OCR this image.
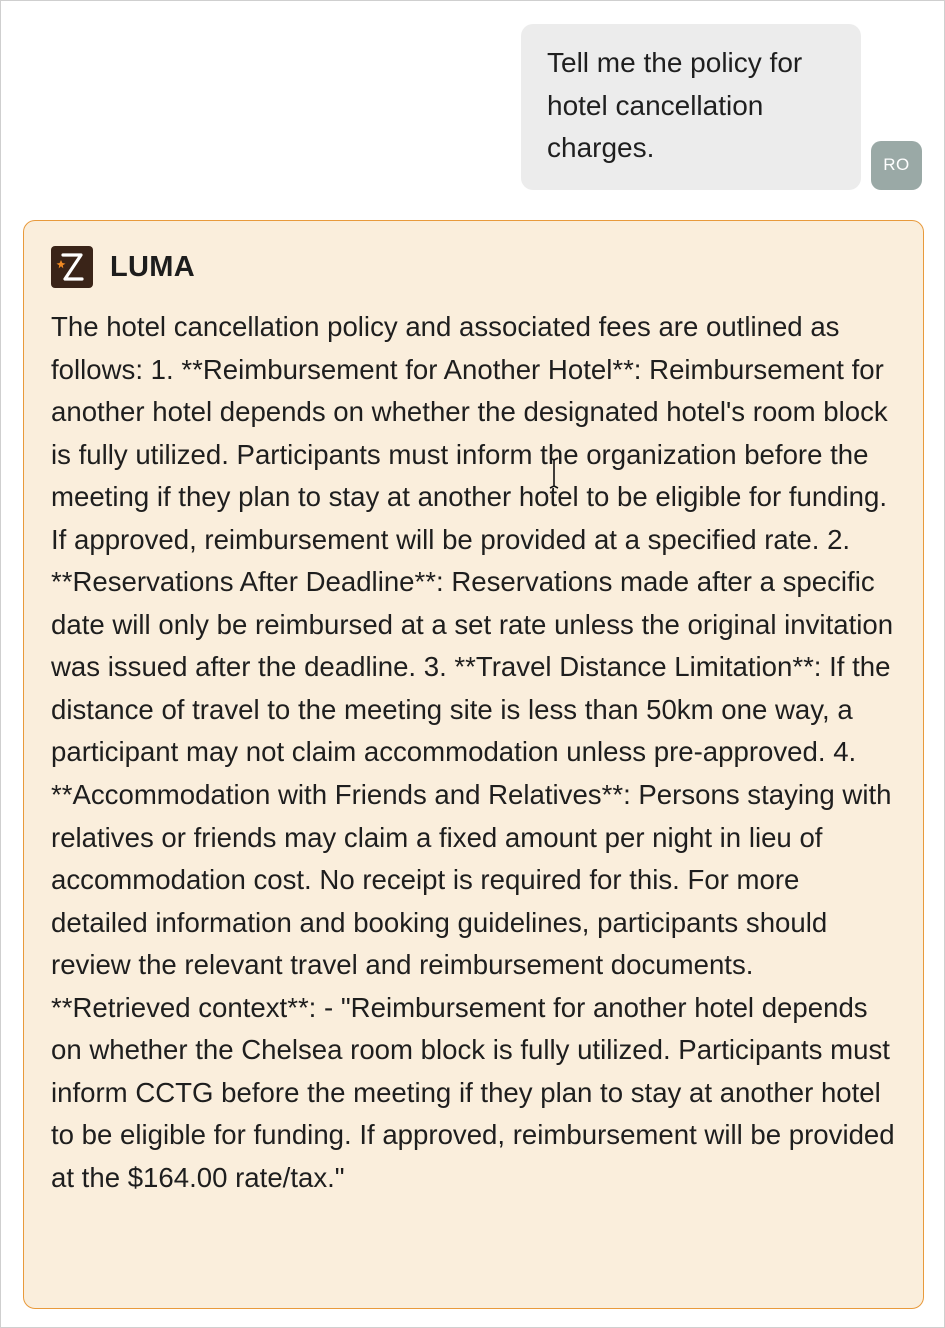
Tell me the policy for hotel cancellation charges.
RO
LUMA
The hotel cancellation policy and associated fees are outlined as follows: 1. **Reimbursement for Another Hotel**: Reimbursement for another hotel depends on whether the designated hotel's room block is fully utilized. Participants must inform the organization before the meeting if they plan to stay at another hotel to be eligible for funding. If approved, reimbursement will be provided at a specified rate. 2. **Reservations After Deadline**: Reservations made after a specific date will only be reimbursed at a set rate unless the original invitation was issued after the deadline. 3. **Travel Distance Limitation**: If the distance of travel to the meeting site is less than 50km one way, a participant may not claim accommodation unless pre-approved. 4. **Accommodation with Friends and Relatives**: Persons staying with relatives or friends may claim a fixed amount per night in lieu of accommodation cost. No receipt is required for this. For more detailed information and booking guidelines, participants should review the relevant travel and reimbursement documents. **Retrieved context**: - "Reimbursement for another hotel depends on whether the Chelsea room block is fully utilized. Participants must inform CCTG before the meeting if they plan to stay at another hotel to be eligible for funding. If approved, reimbursement will be provided at the $164.00 rate/tax."
